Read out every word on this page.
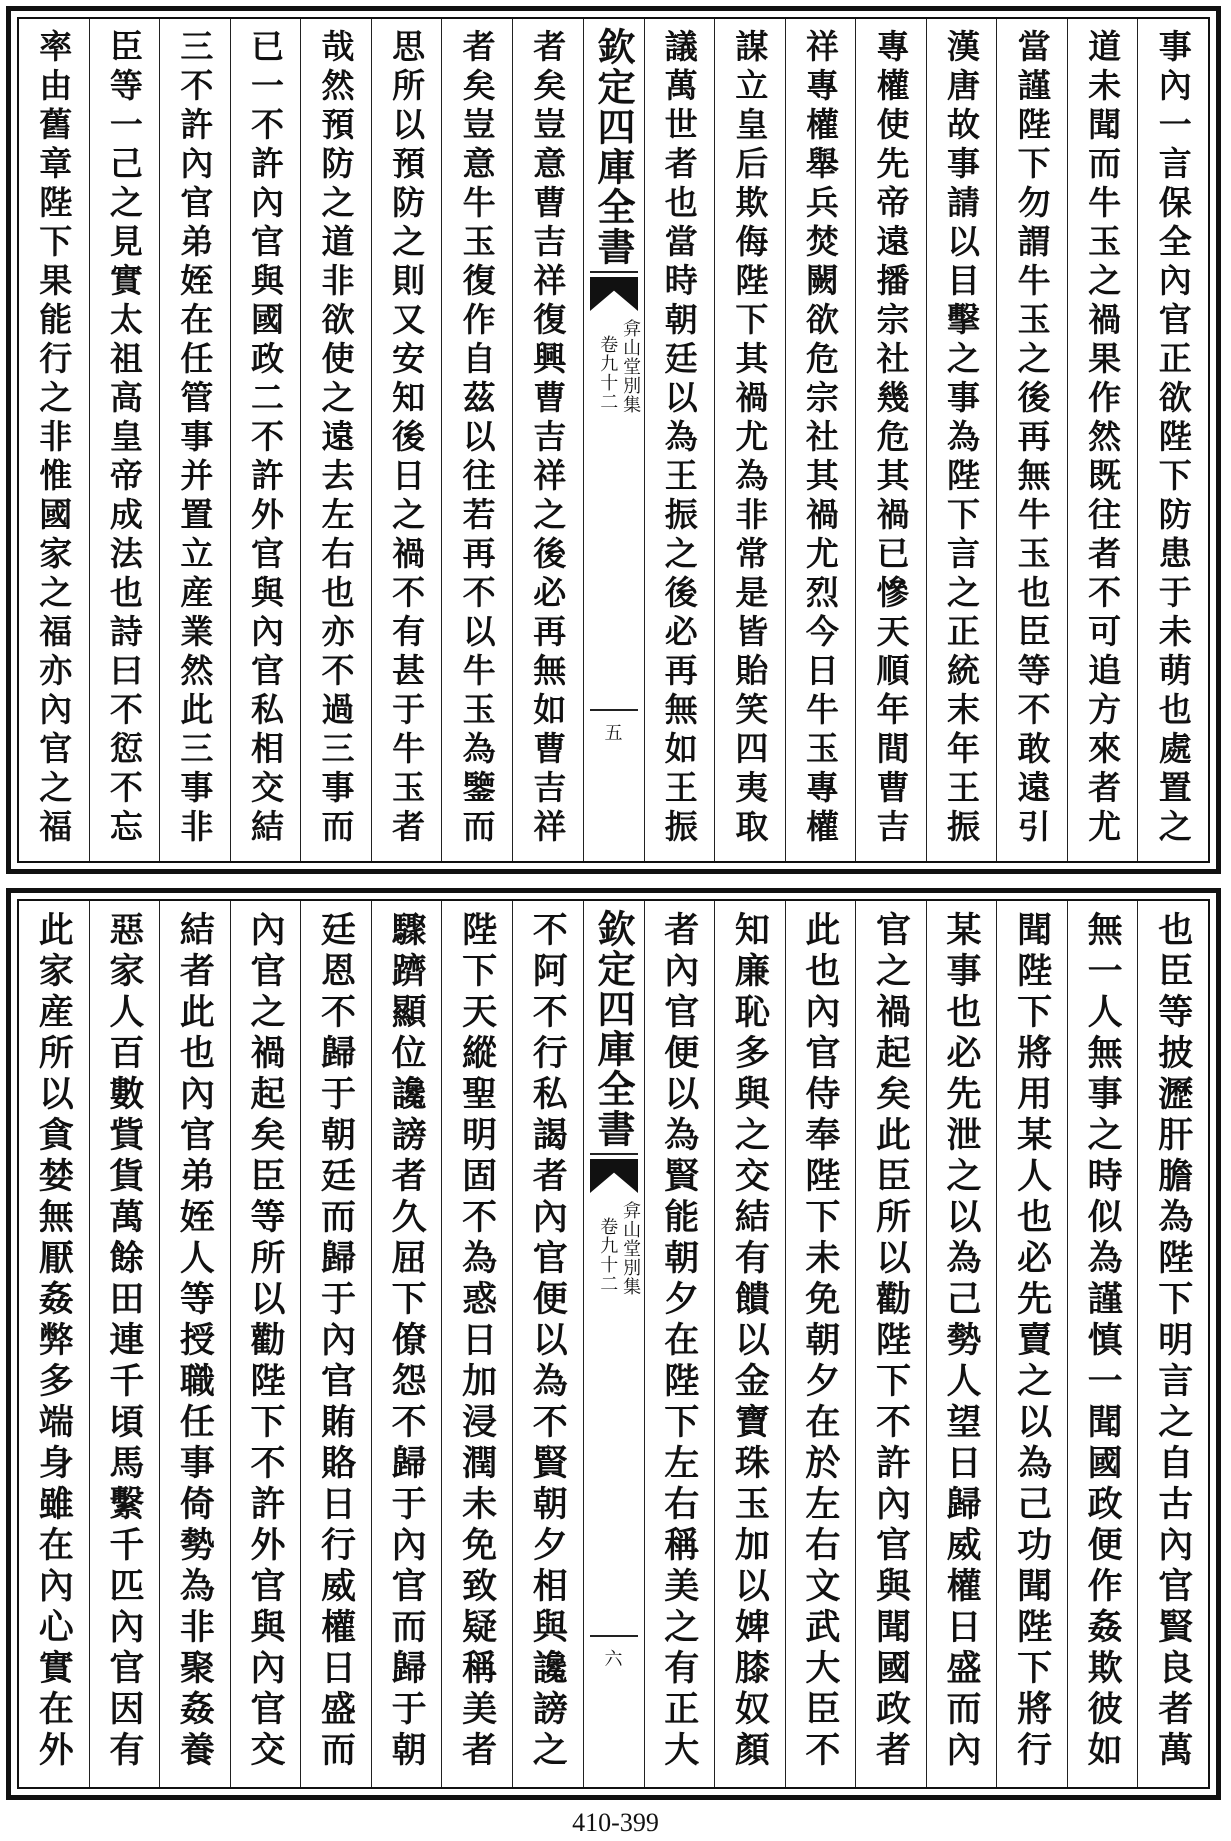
事內一言保全內官正欲陛下防患于未萌也處置之
道未聞而牛玉之禍果作然既往者不可追方來者尤
當謹陛下勿謂牛玉之後再無牛玉也臣等不敢遠引
漢唐故事請以目擊之事為陛下言之正統末年王振
專權使先帝遠播宗社幾危其禍已慘天順年間曹吉
祥專權舉兵焚闕欲危宗社其禍尤烈今日牛玉專權
謀立皇后欺侮陛下其禍尤為非常是皆貽笑四夷取
議萬世者也當時朝廷以為王振之後必再無如王振
欽定四庫全書
弇山堂別集
卷九十二
五
者矣豈意曹吉祥復興曹吉祥之後必再無如曹吉祥
者矣豈意牛玉復作自茲以往若再不以牛玉為鑒而
思所以預防之則又安知後日之禍不有甚于牛玉者
哉然預防之道非欲使之遠去左右也亦不過三事而
已一不許內官與國政二不許外官與內官私相交結
三不許內官弟姪在任管事并置立産業然此三事非
臣等一己之見實太祖高皇帝成法也詩曰不愆不忘
率由舊章陛下果能行之非惟國家之福亦內官之福
也臣等披瀝肝膽為陛下明言之自古內官賢良者萬
無一人無事之時似為謹慎一聞國政便作姦欺彼如
聞陛下將用某人也必先賣之以為己功聞陛下將行
某事也必先泄之以為己勢人望日歸威權日盛而內
官之禍起矣此臣所以勸陛下不許內官與聞國政者
此也內官侍奉陛下未免朝夕在於左右文武大臣不
知廉恥多與之交結有饋以金寶珠玉加以婢膝奴顏
者內官便以為賢能朝夕在陛下左右稱美之有正大
欽定四庫全書
弇山堂別集
卷九十二
六
不阿不行私謁者內官便以為不賢朝夕相與讒謗之
陛下天縱聖明固不為惑日加浸潤未免致疑稱美者
驟躋顯位讒謗者久屈下僚怨不歸于內官而歸于朝
廷恩不歸于朝廷而歸于內官賄賂日行威權日盛而
內官之禍起矣臣等所以勸陛下不許外官與內官交
結者此也內官弟姪人等授職任事倚勢為非聚姦養
惡家人百數貲貨萬餘田連千頃馬繫千匹內官因有
此家産所以貪婪無厭姦弊多端身雖在內心實在外
410-399
